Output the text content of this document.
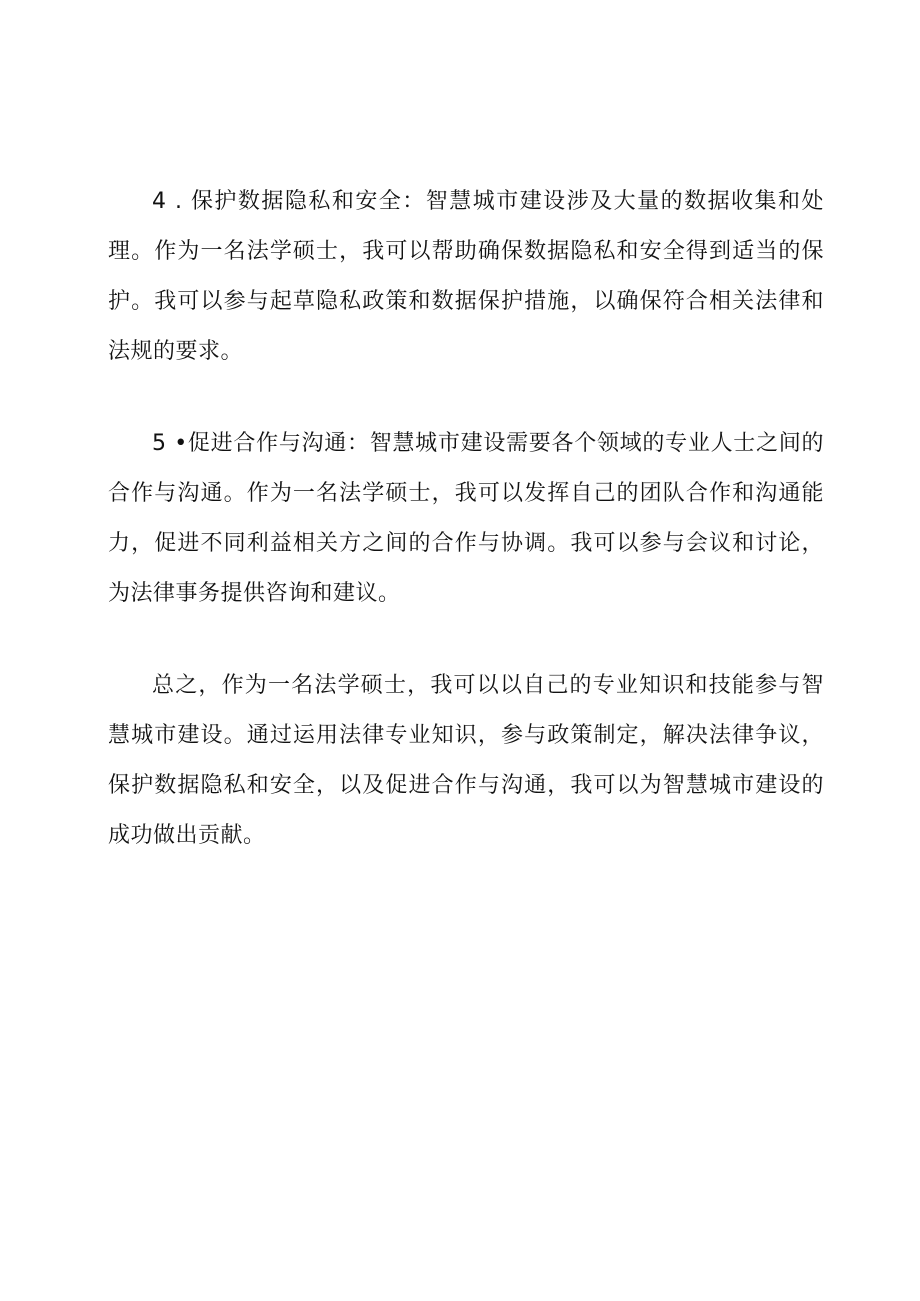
4 . 保护数据隐私和安全：智慧城市建设涉及大量的数据收集和处理。作为一名法学硕士，我可以帮助确保数据隐私和安全得到适当的保护。我可以参与起草隐私政策和数据保护措施，以确保符合相关法律和法规的要求。

5 •促进合作与沟通：智慧城市建设需要各个领域的专业人士之间的合作与沟通。作为一名法学硕士，我可以发挥自己的团队合作和沟通能力，促进不同利益相关方之间的合作与协调。我可以参与会议和讨论，为法律事务提供咨询和建议。

总之，作为一名法学硕士，我可以以自己的专业知识和技能参与智慧城市建设。通过运用法律专业知识，参与政策制定，解决法律争议，保护数据隐私和安全，以及促进合作与沟通，我可以为智慧城市建设的成功做出贡献。
